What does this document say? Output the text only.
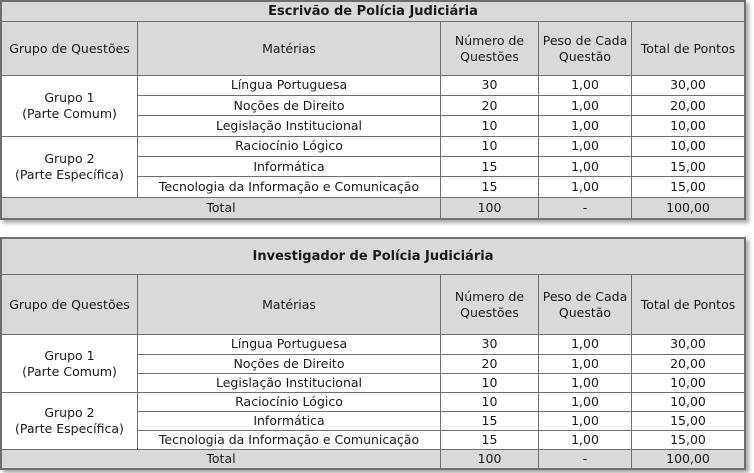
Escrivão de Polícia Judiciária				
Grupo de Questões	Matérias	Número de Questões	Peso de Cada Questão	Total de Pontos
Grupo 1
(Parte Comum)	Língua Portuguesa	30	1,00	30,00
	Noções de Direito	20	1,00	20,00
	Legislação Institucional	10	1,00	10,00
Grupo 2
(Parte Específica)	Raciocínio Lógico	10	1,00	10,00
	Informática	15	1,00	15,00
	Tecnologia da Informação e Comunicação	15	1,00	15,00
Total		100	-	100,00
Investigador de Polícia Judiciária				
Grupo de Questões	Matérias	Número de Questões	Peso de Cada Questão	Total de Pontos
Grupo 1
(Parte Comum)	Língua Portuguesa	30	1,00	30,00
	Noções de Direito	20	1,00	20,00
	Legislação Institucional	10	1,00	10,00
Grupo 2
(Parte Específica)	Raciocínio Lógico	10	1,00	10,00
	Informática	15	1,00	15,00
	Tecnologia da Informação e Comunicação	15	1,00	15,00
Total		100	-	100,00
